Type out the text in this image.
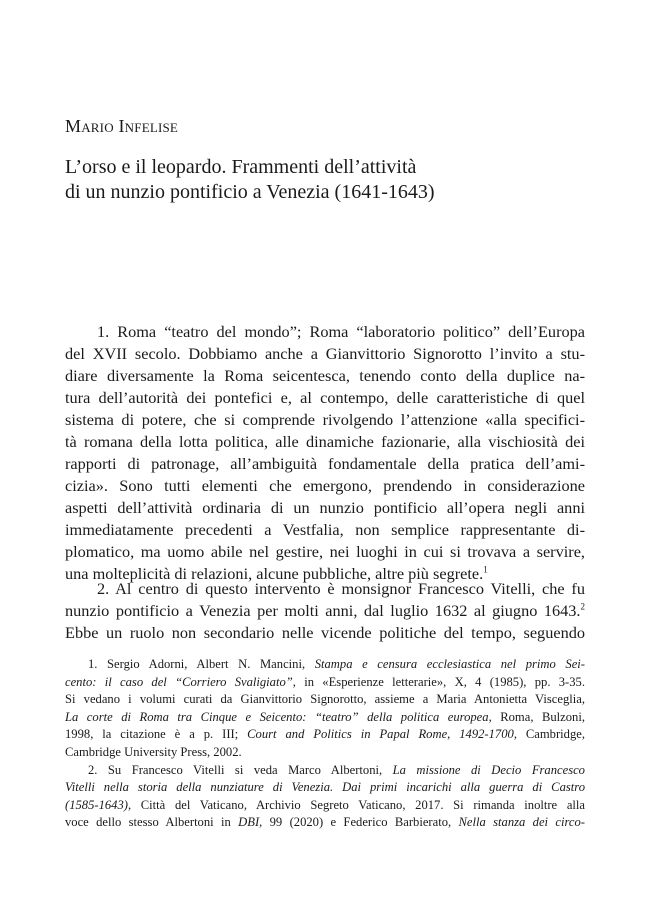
Mario Infelise
L’orso e il leopardo. Frammenti dell’attività
di un nunzio pontificio a Venezia (1641-1643)
1. Roma “teatro del mondo”; Roma “laboratorio politico” dell’Europa
del XVII secolo. Dobbiamo anche a Gianvittorio Signorotto l’invito a stu-
diare diversamente la Roma seicentesca, tenendo conto della duplice na-
tura dell’autorità dei pontefici e, al contempo, delle caratteristiche di quel
sistema di potere, che si comprende rivolgendo l’attenzione «alla specifici-
tà romana della lotta politica, alle dinamiche fazionarie, alla vischiosità dei
rapporti di patronage, all’ambiguità fondamentale della pratica dell’ami-
cizia». Sono tutti elementi che emergono, prendendo in considerazione
aspetti dell’attività ordinaria di un nunzio pontificio all’opera negli anni
immediatamente precedenti a Vestfalia, non semplice rappresentante di-
plomatico, ma uomo abile nel gestire, nei luoghi in cui si trovava a servire,
una molteplicità di relazioni, alcune pubbliche, altre più segrete.$^1$
2. Al centro di questo intervento è monsignor Francesco Vitelli, che fu
nunzio pontificio a Venezia per molti anni, dal luglio 1632 al giugno 1643.$^2$
Ebbe un ruolo non secondario nelle vicende politiche del tempo, seguendo
1. Sergio Adorni, Albert N. Mancini, Stampa e censura ecclesiastica nel primo Sei-
cento: il caso del “Corriero Svaligiato”, in «Esperienze letterarie», X, 4 (1985), pp. 3-35.
Si vedano i volumi curati da Gianvittorio Signorotto, assieme a Maria Antonietta Visceglia,
La corte di Roma tra Cinque e Seicento: “teatro” della politica europea, Roma, Bulzoni,
1998, la citazione è a p. III; Court and Politics in Papal Rome, 1492-1700, Cambridge,
Cambridge University Press, 2002.
2. Su Francesco Vitelli si veda Marco Albertoni, La missione di Decio Francesco
Vitelli nella storia della nunziature di Venezia. Dai primi incarichi alla guerra di Castro
(1585-1643), Città del Vaticano, Archivio Segreto Vaticano, 2017. Si rimanda inoltre alla
voce dello stesso Albertoni in DBI, 99 (2020) e Federico Barbierato, Nella stanza dei circo-
